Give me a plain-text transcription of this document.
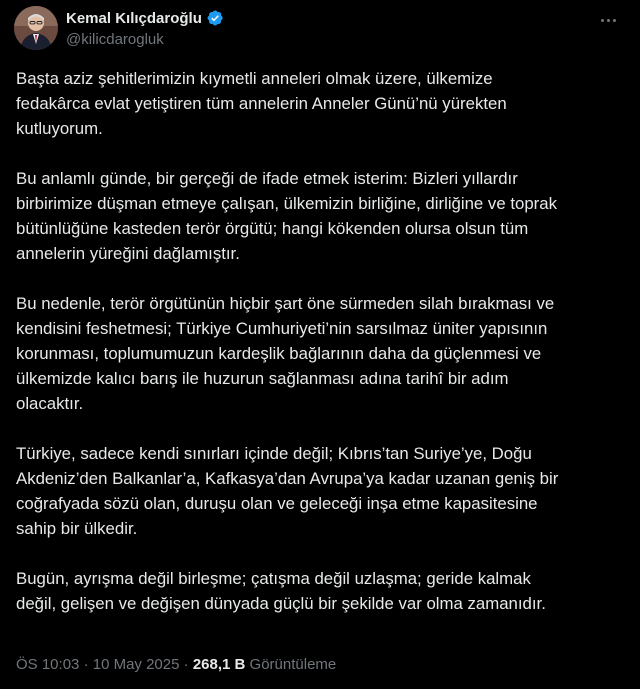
Kemal Kılıçdaroğlu
@kilicdarogluk

Başta aziz şehitlerimizin kıymetli anneleri olmak üzere, ülkemize
fedakârca evlat yetiştiren tüm annelerin Anneler Günü’nü yürekten
kutluyorum.

Bu anlamlı günde, bir gerçeği de ifade etmek isterim: Bizleri yıllardır
birbirimize düşman etmeye çalışan, ülkemizin birliğine, dirliğine ve toprak
bütünlüğüne kasteden terör örgütü; hangi kökenden olursa olsun tüm
annelerin yüreğini dağlamıştır.

Bu nedenle, terör örgütünün hiçbir şart öne sürmeden silah bırakması ve
kendisini feshetmesi; Türkiye Cumhuriyeti’nin sarsılmaz üniter yapısının
korunması, toplumumuzun kardeşlik bağlarının daha da güçlenmesi ve
ülkemizde kalıcı barış ile huzurun sağlanması adına tarihî bir adım
olacaktır.

Türkiye, sadece kendi sınırları içinde değil; Kıbrıs’tan Suriye’ye, Doğu
Akdeniz’den Balkanlar’a, Kafkasya’dan Avrupa’ya kadar uzanan geniş bir
coğrafyada sözü olan, duruşu olan ve geleceği inşa etme kapasitesine
sahip bir ülkedir.

Bugün, ayrışma değil birleşme; çatışma değil uzlaşma; geride kalmak
değil, gelişen ve değişen dünyada güçlü bir şekilde var olma zamanıdır.

ÖS 10:03 · 10 May 2025 · 268,1 B Görüntüleme
